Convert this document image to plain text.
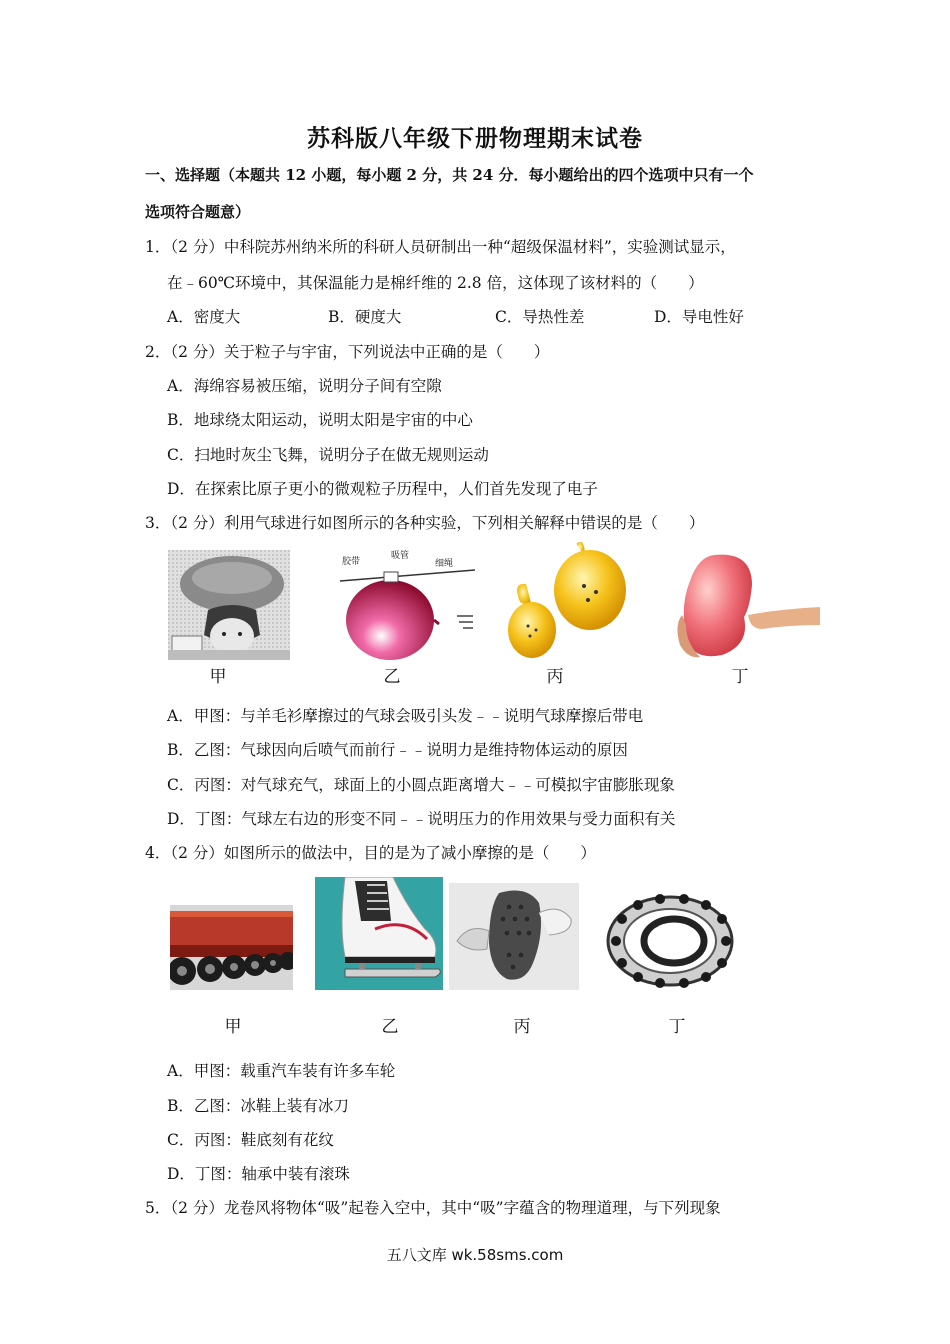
苏科版八年级下册物理期末试卷
一、选择题（本题共 12 小题，每小题 2 分，共 24 分．每小题给出的四个选项中只有一个
选项符合题意）
1．（2 分）中科院苏州纳米所的科研人员研制出一种“超级保温材料”，实验测试显示，
在﹣60℃环境中，其保温能力是棉纤维的 2.8 倍，这体现了该材料的（　　）
A．密度大	B．硬度大	C．导热性差	D．导电性好
2．（2 分）关于粒子与宇宙，下列说法中正确的是（　　）
A．海绵容易被压缩，说明分子间有空隙
B．地球绕太阳运动，说明太阳是宇宙的中心
C．扫地时灰尘飞舞，说明分子在做无规则运动
D．在探索比原子更小的微观粒子历程中，人们首先发现了电子
3．（2 分）利用气球进行如图所示的各种实验，下列相关解释中错误的是（　　）
胶带
吸管
细绳
甲	乙	丙	丁
A．甲图：与羊毛衫摩擦过的气球会吸引头发﹣﹣说明气球摩擦后带电
B．乙图：气球因向后喷气而前行﹣﹣说明力是维持物体运动的原因
C．丙图：对气球充气，球面上的小圆点距离增大﹣﹣可模拟宇宙膨胀现象
D．丁图：气球左右边的形变不同﹣﹣说明压力的作用效果与受力面积有关
4．（2 分）如图所示的做法中，目的是为了减小摩擦的是（　　）
甲	乙	丙	丁
A．甲图：载重汽车装有许多车轮
B．乙图：冰鞋上装有冰刀
C．丙图：鞋底刻有花纹
D．丁图：轴承中装有滚珠
5．（2 分）龙卷风将物体“吸”起卷入空中，其中“吸”字蕴含的物理道理，与下列现象
五八文库 wk.58sms.com
